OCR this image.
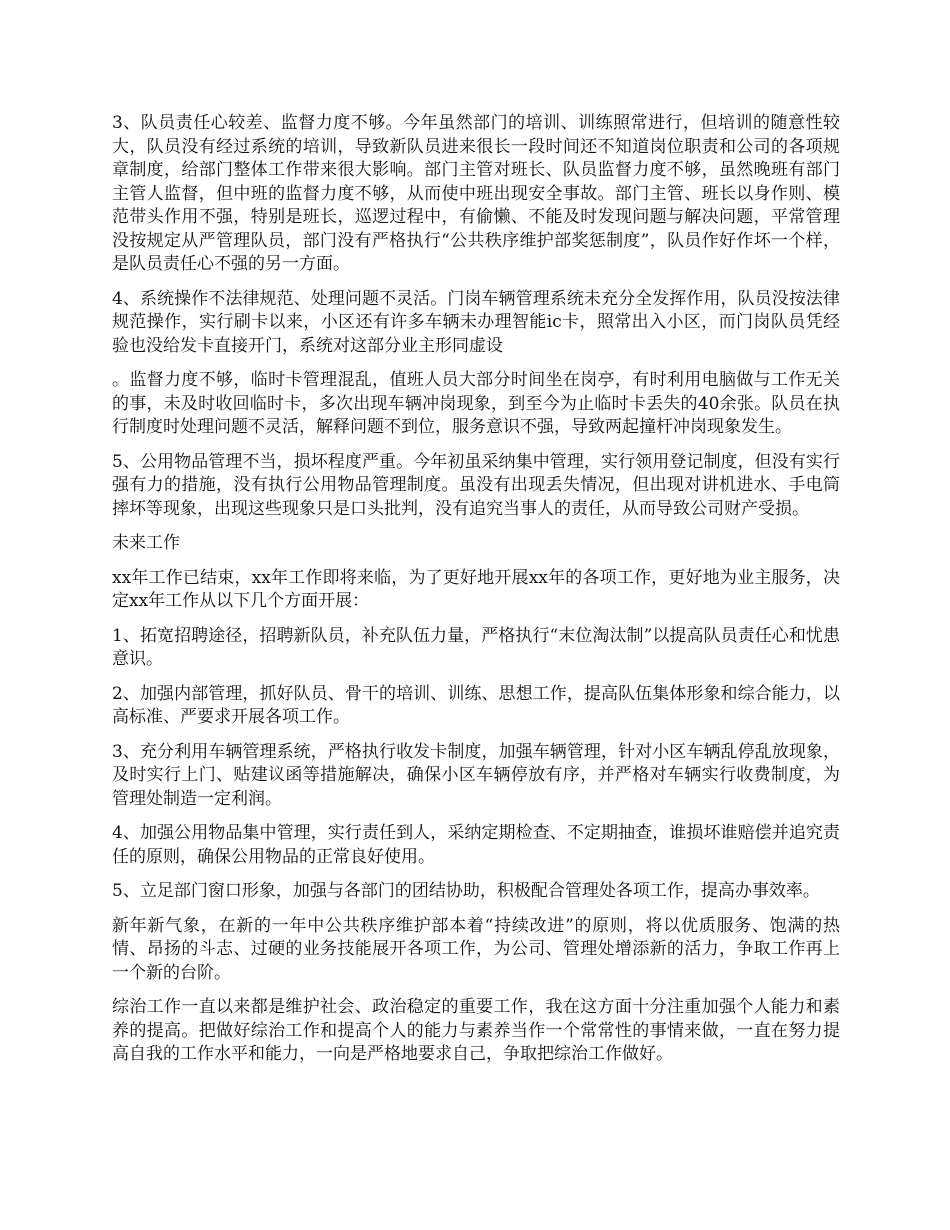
3、队员责任心较差、监督力度不够。今年虽然部门的培训、训练照常进行，但培训的随意性较大，队员没有经过系统的培训，导致新队员进来很长一段时间还不知道岗位职责和公司的各项规章制度，给部门整体工作带来很大影响。部门主管对班长、队员监督力度不够，虽然晚班有部门主管人监督，但中班的监督力度不够，从而使中班出现安全事故。部门主管、班长以身作则、模范带头作用不强，特别是班长，巡逻过程中，有偷懒、不能及时发现问题与解决问题，平常管理没按规定从严管理队员，部门没有严格执行“公共秩序维护部奖惩制度”，队员作好作坏一个样，是队员责任心不强的另一方面。

4、系统操作不法律规范、处理问题不灵活。门岗车辆管理系统未充分全发挥作用，队员没按法律规范操作，实行刷卡以来，小区还有许多车辆未办理智能ic卡，照常出入小区，而门岗队员凭经验也没给发卡直接开门，系统对这部分业主形同虚设

。监督力度不够，临时卡管理混乱，值班人员大部分时间坐在岗亭，有时利用电脑做与工作无关的事，未及时收回临时卡，多次出现车辆冲岗现象，到至今为止临时卡丢失的40余张。队员在执行制度时处理问题不灵活，解释问题不到位，服务意识不强，导致两起撞杆冲岗现象发生。

5、公用物品管理不当，损坏程度严重。今年初虽采纳集中管理，实行领用登记制度，但没有实行强有力的措施，没有执行公用物品管理制度。虽没有出现丢失情况，但出现对讲机进水、手电筒摔坏等现象，出现这些现象只是口头批判，没有追究当事人的责任，从而导致公司财产受损。

未来工作

xx年工作已结束，xx年工作即将来临，为了更好地开展xx年的各项工作，更好地为业主服务，决定xx年工作从以下几个方面开展：

1、拓宽招聘途径，招聘新队员，补充队伍力量，严格执行“末位淘汰制”以提高队员责任心和忧患意识。

2、加强内部管理，抓好队员、骨干的培训、训练、思想工作，提高队伍集体形象和综合能力，以高标准、严要求开展各项工作。

3、充分利用车辆管理系统，严格执行收发卡制度，加强车辆管理，针对小区车辆乱停乱放现象，及时实行上门、贴建议函等措施解决，确保小区车辆停放有序，并严格对车辆实行收费制度，为管理处制造一定利润。

4、加强公用物品集中管理，实行责任到人，采纳定期检查、不定期抽查，谁损坏谁赔偿并追究责任的原则，确保公用物品的正常良好使用。

5、立足部门窗口形象，加强与各部门的团结协助，积极配合管理处各项工作，提高办事效率。

新年新气象，在新的一年中公共秩序维护部本着“持续改进”的原则，将以优质服务、饱满的热情、昂扬的斗志、过硬的业务技能展开各项工作，为公司、管理处增添新的活力，争取工作再上一个新的台阶。

综治工作一直以来都是维护社会、政治稳定的重要工作，我在这方面十分注重加强个人能力和素养的提高。把做好综治工作和提高个人的能力与素养当作一个常常性的事情来做，一直在努力提高自我的工作水平和能力，一向是严格地要求自己，争取把综治工作做好。
